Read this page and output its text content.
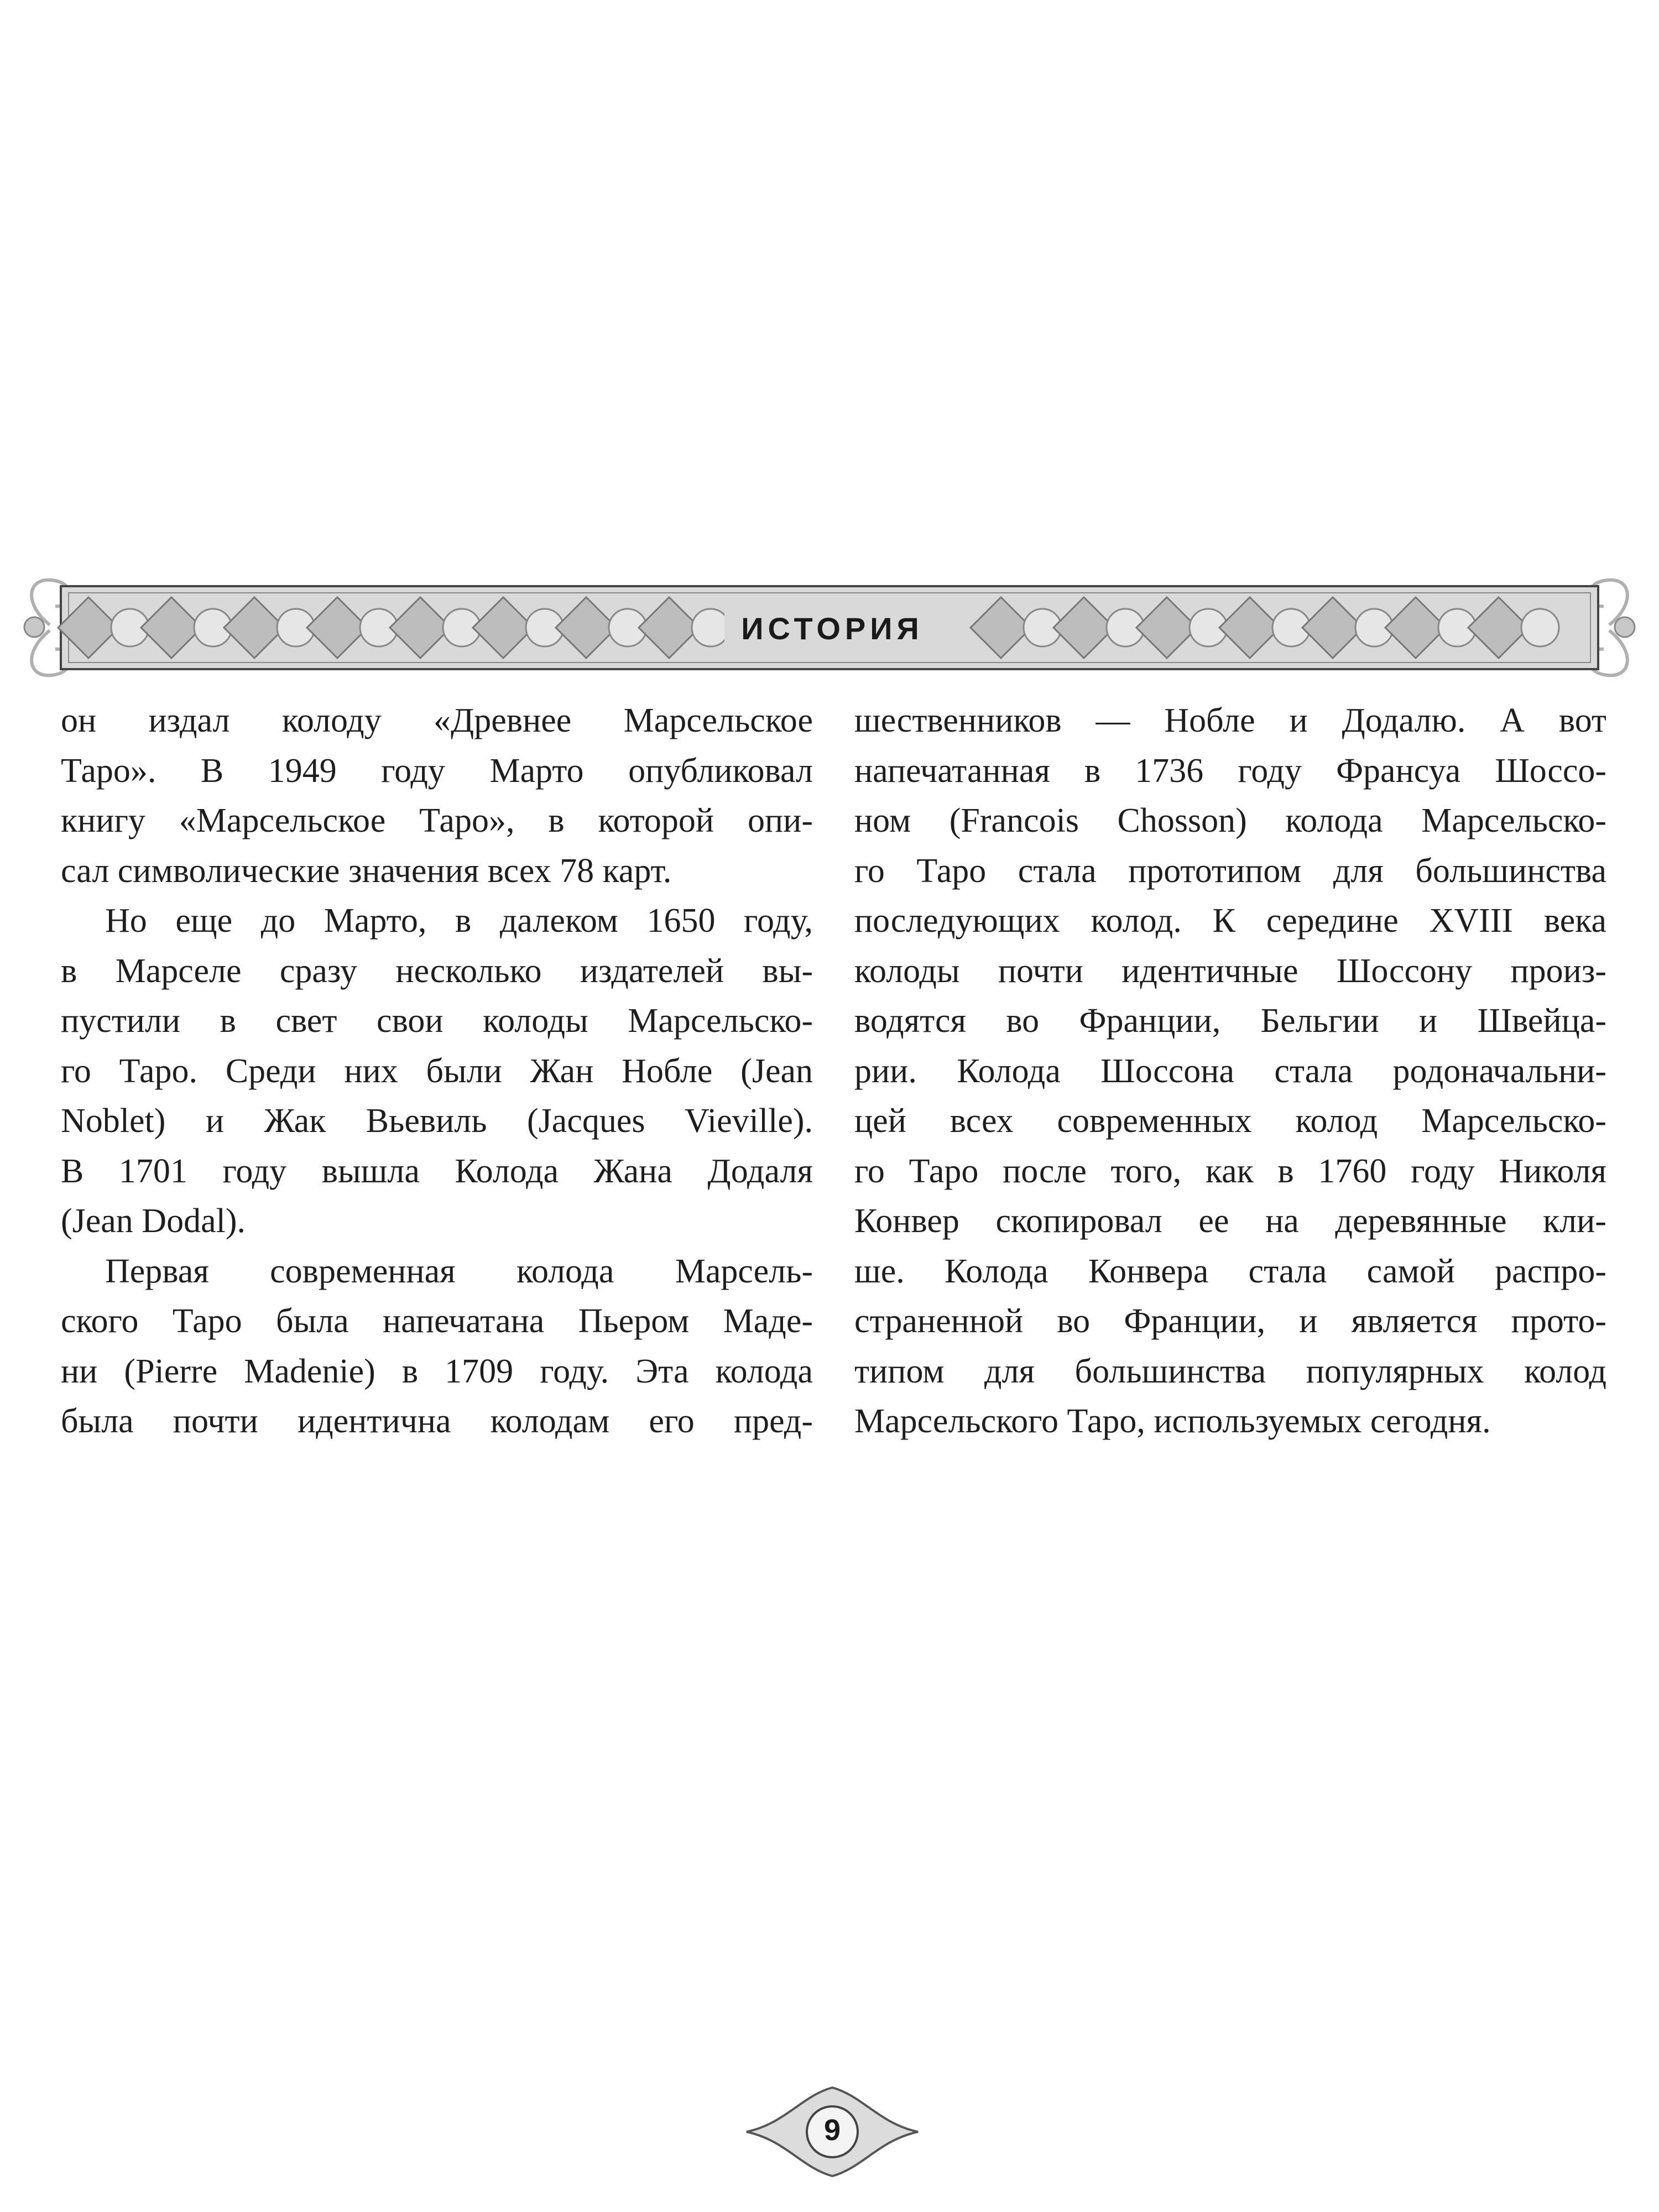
ИСТОРИЯ
он издал колоду «Древнее Марсельское
Таро». В 1949 году Марто опубликовал
книгу «Марсельское Таро», в которой опи-
сал символические значения всех 78 карт.
Но еще до Марто, в далеком 1650 году,
в Марселе сразу несколько издателей вы-
пустили в свет свои колоды Марсельско-
го Таро. Среди них были Жан Нобле (Jean
Noblet) и Жак Вьевиль (Jacques Vieville).
В 1701 году вышла Колода Жана Додаля
(Jean Dodal).
Первая современная колода Марсель-
ского Таро была напечатана Пьером Маде-
ни (Pierre Madenie) в 1709 году. Эта колода
была почти идентична колодам его пред-
шественников — Нобле и Додалю. А вот
напечатанная в 1736 году Франсуа Шоссо-
ном (Francois Chosson) колода Марсельско-
го Таро стала прототипом для большинства
последующих колод. К середине XVIII века
колоды почти идентичные Шоссону произ-
водятся во Франции, Бельгии и Швейца-
рии. Колода Шоссона стала родоначальни-
цей всех современных колод Марсельско-
го Таро после того, как в 1760 году Николя
Конвер скопировал ее на деревянные кли-
ше. Колода Конвера стала самой распро-
страненной во Франции, и является прото-
типом для большинства популярных колод
Марсельского Таро, используемых сегодня.
9
